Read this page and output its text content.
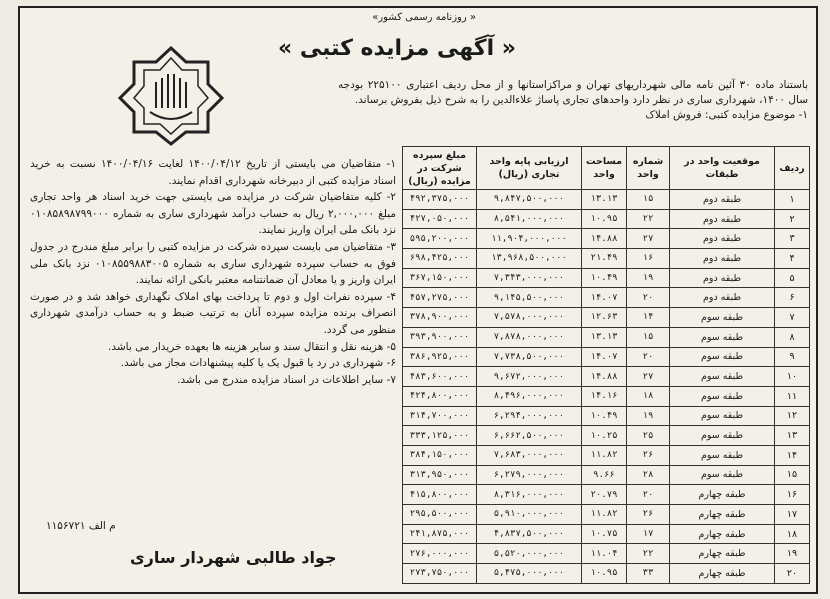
« روزنامه رسمی کشور»
« آگهی مزایده کتبی »
باستناد ماده ۳۰ آئین نامه مالی شهرداریهای تهران و مراکزاستانها و از محل ردیف اعتباری ۲۲۵۱۰۰ بودجه سال ۱۴۰۰، شهرداری ساری در نظر دارد واحدهای تجاری پاساژ علاءالدین را به شرح ذیل بفروش برساند.
۱- موضوع مزایده کتبی: فروش املاک
ردیف	موقعیت واحد در طبقات	شماره واحد	مساحت واحد	ارزیابی پایه واحد تجاری (ریال)	مبلغ سپرده شرکت در مزایده (ریال)
۱	طبقه دوم	۱۵	۱۳.۱۳	۹,۸۴۷,۵۰۰,۰۰۰	۴۹۲,۳۷۵,۰۰۰
۲	طبقه دوم	۲۲	۱۰.۹۵	۸,۵۴۱,۰۰۰,۰۰۰	۴۲۷,۰۵۰,۰۰۰
۳	طبقه دوم	۲۷	۱۴.۸۸	۱۱,۹۰۴,۰۰۰,۰۰۰	۵۹۵,۲۰۰,۰۰۰
۴	طبقه دوم	۱۶	۲۱.۴۹	۱۳,۹۶۸,۵۰۰,۰۰۰	۶۹۸,۴۲۵,۰۰۰
۵	طبقه دوم	۱۹	۱۰.۴۹	۷,۳۴۳,۰۰۰,۰۰۰	۳۶۷,۱۵۰,۰۰۰
۶	طبقه دوم	۲۰	۱۴.۰۷	۹,۱۴۵,۵۰۰,۰۰۰	۴۵۷,۲۷۵,۰۰۰
۷	طبقه سوم	۱۴	۱۲.۶۳	۷,۵۷۸,۰۰۰,۰۰۰	۳۷۸,۹۰۰,۰۰۰
۸	طبقه سوم	۱۵	۱۳.۱۳	۷,۸۷۸,۰۰۰,۰۰۰	۳۹۳,۹۰۰,۰۰۰
۹	طبقه سوم	۲۰	۱۴.۰۷	۷,۷۳۸,۵۰۰,۰۰۰	۳۸۶,۹۲۵,۰۰۰
۱۰	طبقه سوم	۲۷	۱۴.۸۸	۹,۶۷۲,۰۰۰,۰۰۰	۴۸۳,۶۰۰,۰۰۰
۱۱	طبقه سوم	۱۸	۱۴.۱۶	۸,۴۹۶,۰۰۰,۰۰۰	۴۲۴,۸۰۰,۰۰۰
۱۲	طبقه سوم	۱۹	۱۰.۴۹	۶,۲۹۴,۰۰۰,۰۰۰	۳۱۴,۷۰۰,۰۰۰
۱۳	طبقه سوم	۲۵	۱۰.۲۵	۶,۶۶۲,۵۰۰,۰۰۰	۳۳۳,۱۲۵,۰۰۰
۱۴	طبقه سوم	۲۶	۱۱.۸۲	۷,۶۸۳,۰۰۰,۰۰۰	۳۸۴,۱۵۰,۰۰۰
۱۵	طبقه سوم	۲۸	۹.۶۶	۶,۲۷۹,۰۰۰,۰۰۰	۳۱۳,۹۵۰,۰۰۰
۱۶	طبقه چهارم	۲۰	۲۰.۷۹	۸,۳۱۶,۰۰۰,۰۰۰	۴۱۵,۸۰۰,۰۰۰
۱۷	طبقه چهارم	۲۶	۱۱.۸۲	۵,۹۱۰,۰۰۰,۰۰۰	۲۹۵,۵۰۰,۰۰۰
۱۸	طبقه چهارم	۱۷	۱۰.۷۵	۴,۸۳۷,۵۰۰,۰۰۰	۲۴۱,۸۷۵,۰۰۰
۱۹	طبقه چهارم	۲۲	۱۱.۰۴	۵,۵۲۰,۰۰۰,۰۰۰	۲۷۶,۰۰۰,۰۰۰
۲۰	طبقه چهارم	۳۳	۱۰.۹۵	۵,۴۷۵,۰۰۰,۰۰۰	۲۷۳,۷۵۰,۰۰۰

۱- متقاضیان می بایستی از تاریخ ۱۴۰۰/۰۴/۱۲ لغایت ۱۴۰۰/۰۴/۱۶ نسبت به خرید اسناد مزایده کتبی از دبیرخانه شهرداری اقدام نمایند.

۲- کلیه متقاضیان شرکت در مزایده می بایستی جهت خرید اسناد هر واحد تجاری مبلغ ۲,۰۰۰,۰۰۰ ریال به حساب درآمد شهرداری ساری به شماره ۰۱۰۸۵۸۹۸۷۹۹۰۰۰ نزد بانک ملی ایران واریز نمایند.

۳- متقاضیان می بایست سپرده شرکت در مزایده کتبی را برابر مبلغ مندرج در جدول فوق به حساب سپرده شهرداری ساری به شماره ۰۱۰۸۵۵۹۸۸۳۰۰۵ نزد بانک ملی ایران واریز و یا معادل آن ضمانتنامه معتبر بانکی ارائه نمایند.

۴- سپرده نفرات اول و دوم تا پرداخت بهای املاک نگهداری خواهد شد و در صورت انصراف برنده مزایده سپرده آنان به ترتیب ضبط و به حساب درآمدی شهرداری منظور می گردد.

۵- هزینه نقل و انتقال سند و سایر هزینه ها بعهده خریدار می باشد.

۶- شهرداری در رد یا قبول یک یا کلیه پیشنهادات مجاز می باشد.

۷- سایر اطلاعات در اسناد مزایده مندرج می باشد.

م الف ۱۱۵۶۷۲۱
جواد طالبی شهردار ساری
